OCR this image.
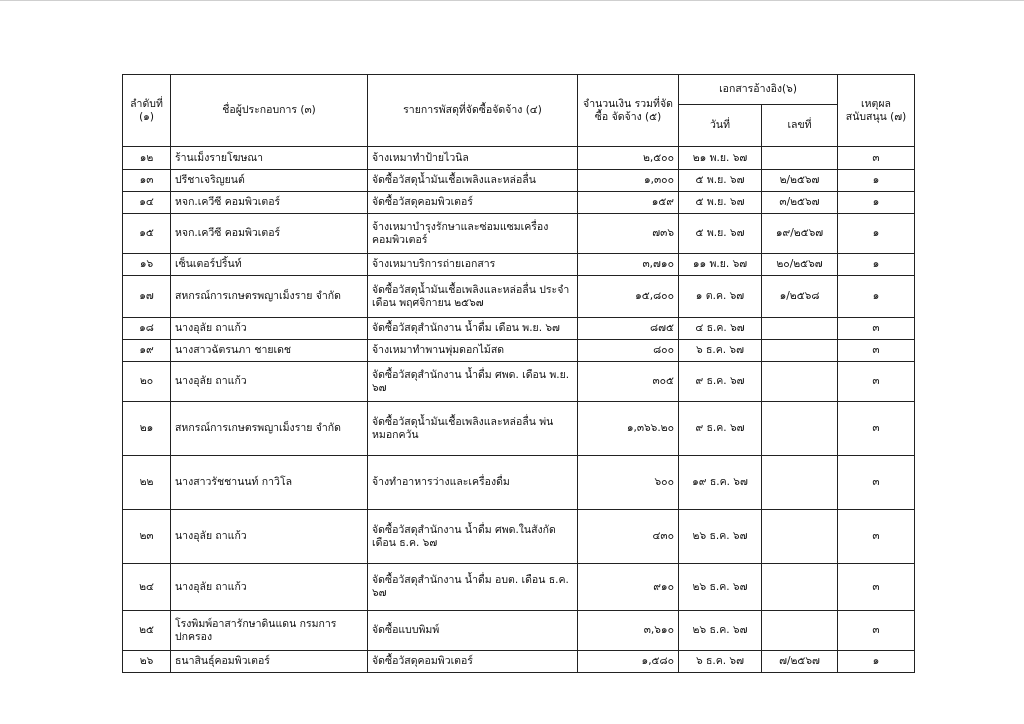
ลำดับที่ (๑)	ชื่อผู้ประกอบการ (๓)	รายการพัสดุที่จัดซื้อจัดจ้าง (๔)	จำนวนเงิน รวมที่จัดซื้อ จัดจ้าง (๕)	เอกสารอ้างอิง(๖)		เหตุผล สนับสนุน (๗)
				วันที่	เลขที่	
๑๒	ร้านเม็งรายโฆษณา	จ้างเหมาทำป้ายไวนิล	๒,๕๐๐	๒๑ พ.ย. ๖๗		๓
๑๓	ปรีชาเจริญยนต์	จัดซื้อวัสดุน้ำมันเชื้อเพลิงและหล่อลื่น	๑,๓๐๐	๕ พ.ย. ๖๗	๒/๒๕๖๗	๑
๑๔	หจก.เควีซี คอมพิวเตอร์	จัดซื้อวัสดุคอมพิวเตอร์	๑๕๙	๕ พ.ย. ๖๗	๓/๒๕๖๗	๑
๑๕	หจก.เควีซี คอมพิวเตอร์	จ้างเหมาบำรุงรักษาและซ่อมแซมเครื่องคอมพิวเตอร์	๗๓๖	๕ พ.ย. ๖๗	๑๙/๒๕๖๗	๑
๑๖	เซ็นเตอร์ปริ้นท์	จ้างเหมาบริการถ่ายเอกสาร	๓,๗๑๐	๑๑ พ.ย. ๖๗	๒๐/๒๕๖๗	๑
๑๗	สหกรณ์การเกษตรพญาเม็งราย จำกัด	จัดซื้อวัสดุน้ำมันเชื้อเพลิงและหล่อลื่น ประจำเดือน พฤศจิกายน ๒๕๖๗	๑๕,๘๐๐	๑ ต.ค. ๖๗	๑/๒๕๖๘	๑
๑๘	นางอุลัย ถาแก้ว	จัดซื้อวัสดุสำนักงาน น้ำดื่ม เดือน พ.ย. ๖๗	๘๗๕	๔ ธ.ค. ๖๗		๓
๑๙	นางสาวฉัตรนภา ชายเดช	จ้างเหมาทำพานพุ่มดอกไม้สด	๘๐๐	๖ ธ.ค. ๖๗		๓
๒๐	นางอุลัย ถาแก้ว	จัดซื้อวัสดุสำนักงาน น้ำดื่ม ศพด. เดือน พ.ย. ๖๗	๓๐๕	๙ ธ.ค. ๖๗		๓
๒๑	สหกรณ์การเกษตรพญาเม็งราย จำกัด	จัดซื้อวัสดุน้ำมันเชื้อเพลิงและหล่อลื่น พ่นหมอกควัน	๑,๓๖๖.๒๐	๙ ธ.ค. ๖๗		๓
๒๒	นางสาวรัชชานนท์ กาวิโล	จ้างทำอาหารว่างและเครื่องดื่ม	๖๐๐	๑๙ ธ.ค. ๖๗		๓
๒๓	นางอุลัย ถาแก้ว	จัดซื้อวัสดุสำนักงาน น้ำดื่ม ศพด.ในสังกัด เดือน ธ.ค. ๖๗	๔๓๐	๒๖ ธ.ค. ๖๗		๓
๒๔	นางอุลัย ถาแก้ว	จัดซื้อวัสดุสำนักงาน น้ำดื่ม อบต. เดือน ธ.ค. ๖๗	๙๑๐	๒๖ ธ.ค. ๖๗		๓
๒๕	โรงพิมพ์อาสารักษาดินแดน กรมการปกครอง	จัดซื้อแบบพิมพ์	๓,๖๑๐	๒๖ ธ.ค. ๖๗		๓
๒๖	ธนาสินธุ์คอมพิวเตอร์	จัดซื้อวัสดุคอมพิวเตอร์	๑,๕๘๐	๖ ธ.ค. ๖๗	๗/๒๕๖๗	๑
